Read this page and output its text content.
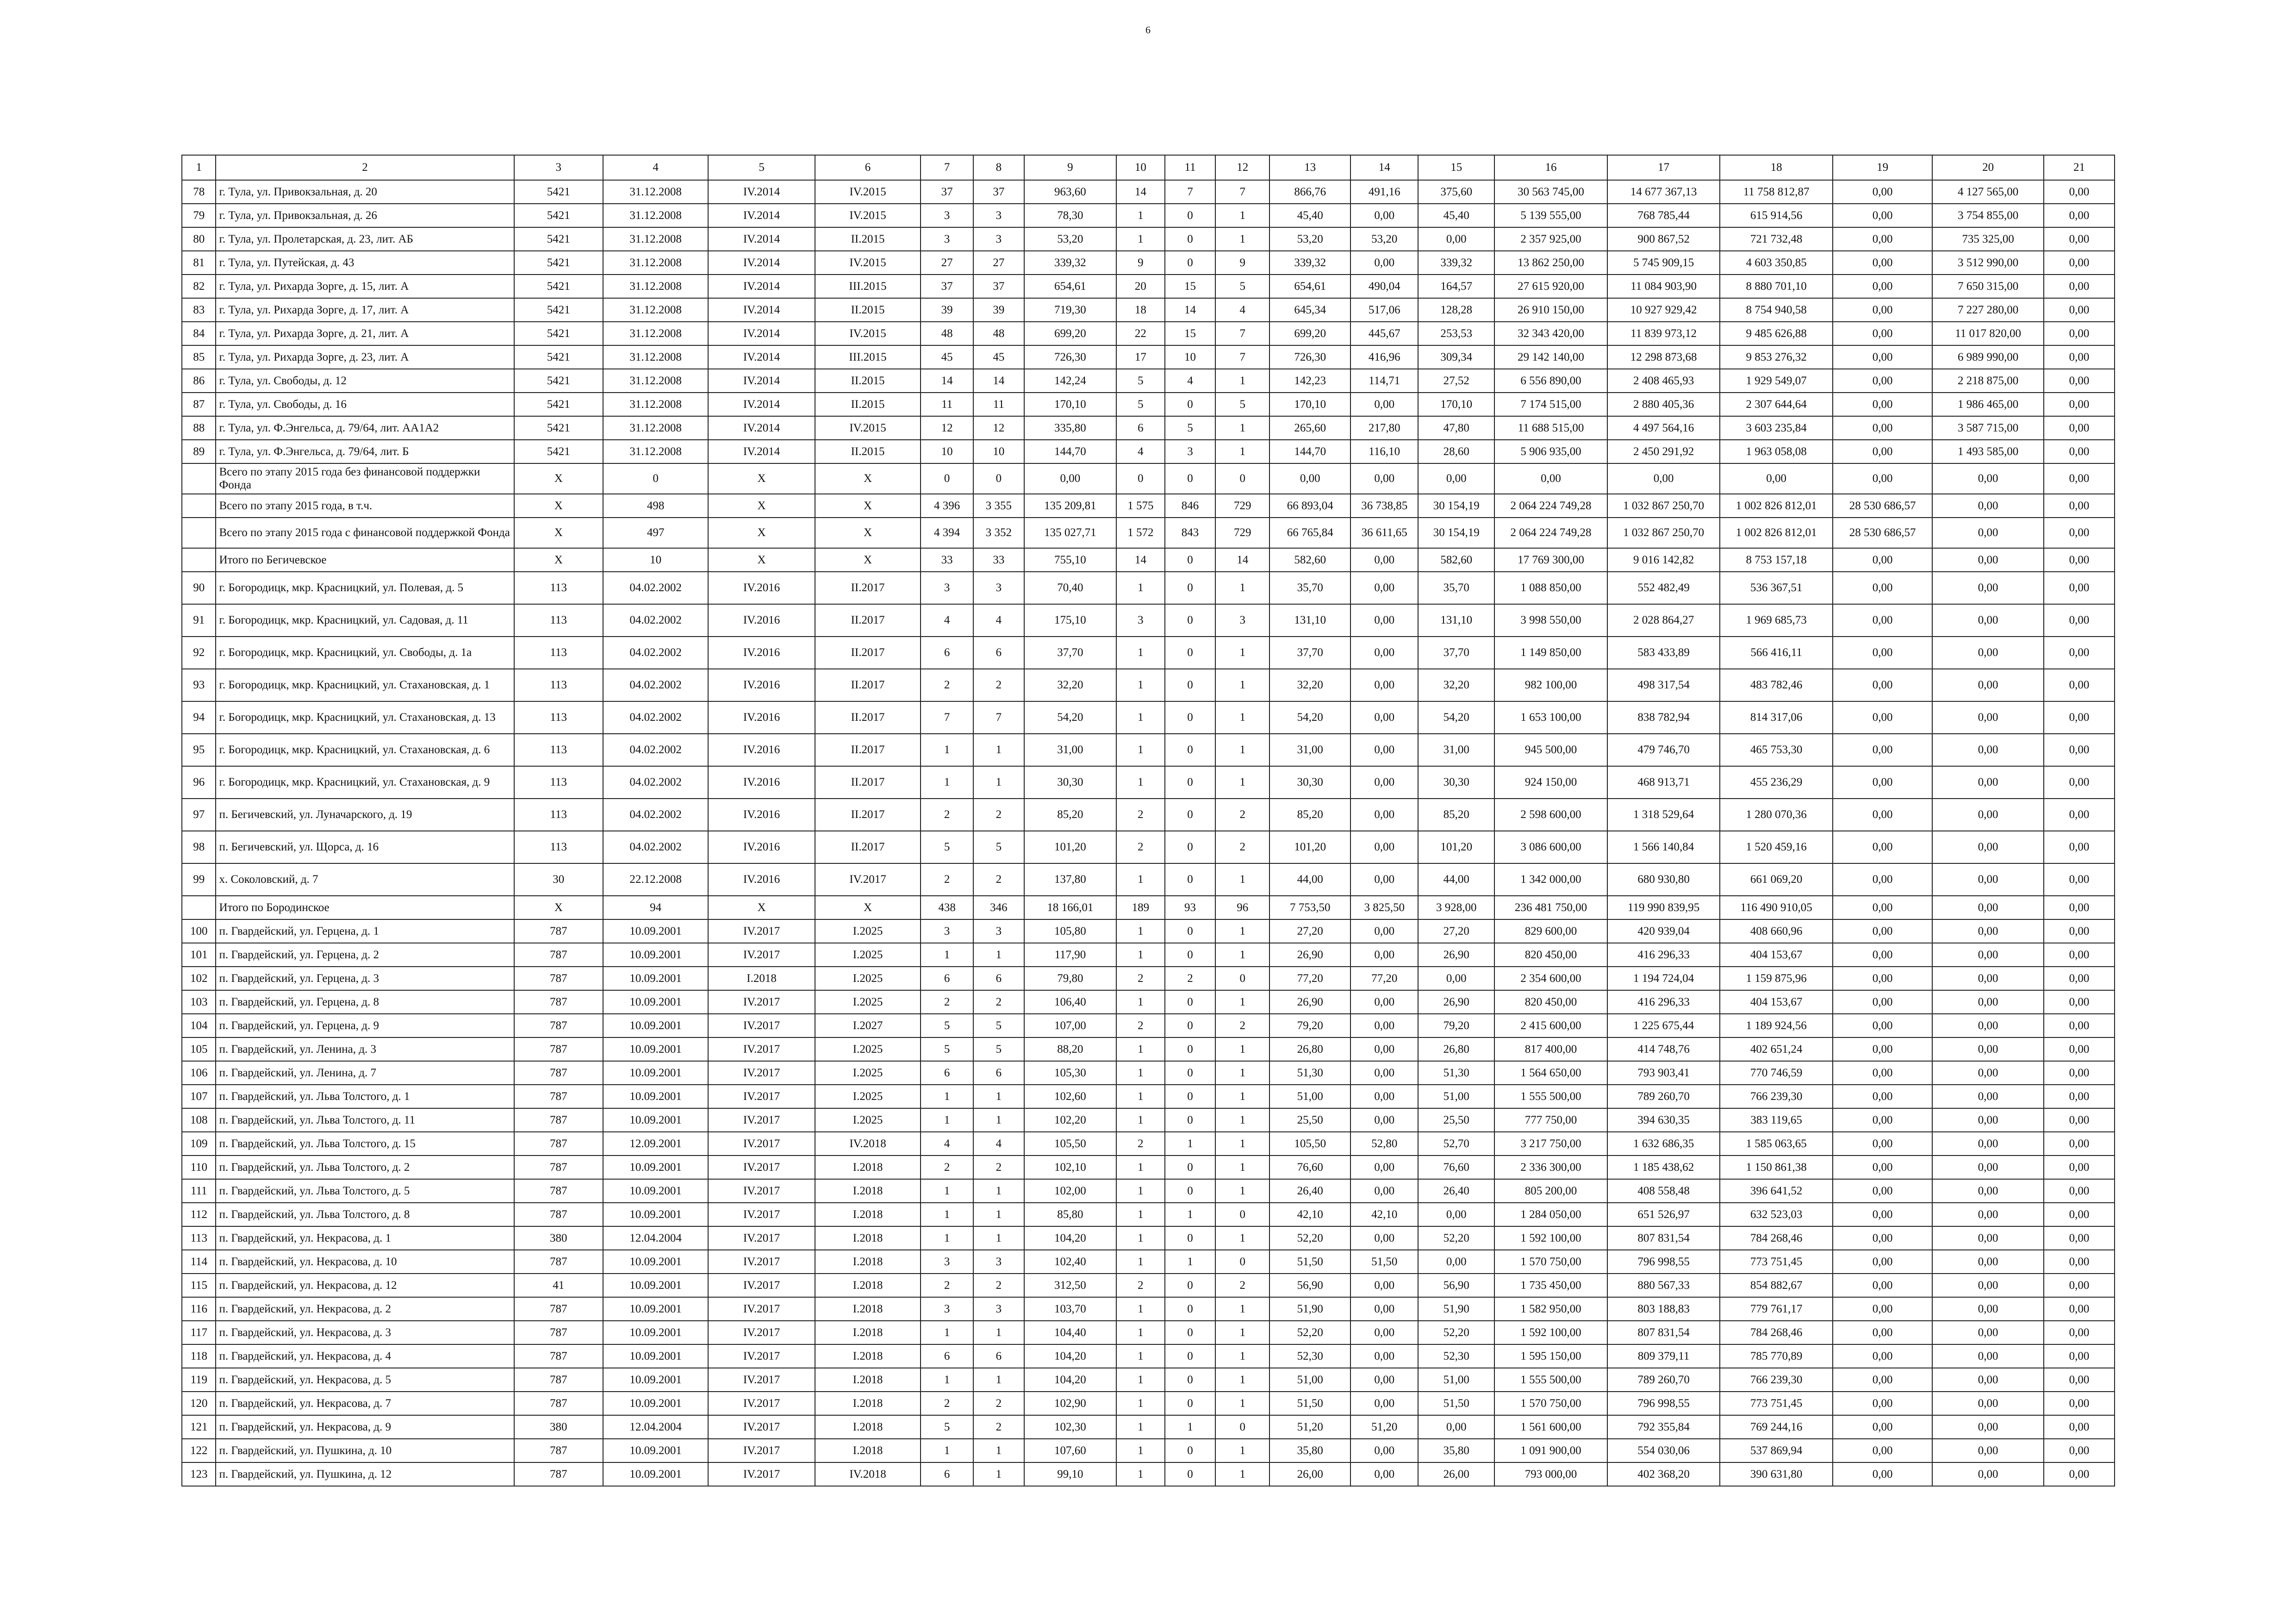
6
1	2	3	4	5	6	7	8	9	10	11	12	13	14	15	16	17	18	19	20	21
78	г. Тула, ул. Привокзальная, д. 20	5421	31.12.2008	IV.2014	IV.2015	37	37	963,60	14	7	7	866,76	491,16	375,60	30 563 745,00	14 677 367,13	11 758 812,87	0,00	4 127 565,00	0,00
79	г. Тула, ул. Привокзальная, д. 26	5421	31.12.2008	IV.2014	IV.2015	3	3	78,30	1	0	1	45,40	0,00	45,40	5 139 555,00	768 785,44	615 914,56	0,00	3 754 855,00	0,00
80	г. Тула, ул. Пролетарская, д. 23, лит. АБ	5421	31.12.2008	IV.2014	II.2015	3	3	53,20	1	0	1	53,20	53,20	0,00	2 357 925,00	900 867,52	721 732,48	0,00	735 325,00	0,00
81	г. Тула, ул. Путейская, д. 43	5421	31.12.2008	IV.2014	IV.2015	27	27	339,32	9	0	9	339,32	0,00	339,32	13 862 250,00	5 745 909,15	4 603 350,85	0,00	3 512 990,00	0,00
82	г. Тула, ул. Рихарда Зорге, д. 15, лит. А	5421	31.12.2008	IV.2014	III.2015	37	37	654,61	20	15	5	654,61	490,04	164,57	27 615 920,00	11 084 903,90	8 880 701,10	0,00	7 650 315,00	0,00
83	г. Тула, ул. Рихарда Зорге, д. 17, лит. А	5421	31.12.2008	IV.2014	II.2015	39	39	719,30	18	14	4	645,34	517,06	128,28	26 910 150,00	10 927 929,42	8 754 940,58	0,00	7 227 280,00	0,00
84	г. Тула, ул. Рихарда Зорге, д. 21, лит. А	5421	31.12.2008	IV.2014	IV.2015	48	48	699,20	22	15	7	699,20	445,67	253,53	32 343 420,00	11 839 973,12	9 485 626,88	0,00	11 017 820,00	0,00
85	г. Тула, ул. Рихарда Зорге, д. 23, лит. А	5421	31.12.2008	IV.2014	III.2015	45	45	726,30	17	10	7	726,30	416,96	309,34	29 142 140,00	12 298 873,68	9 853 276,32	0,00	6 989 990,00	0,00
86	г. Тула, ул. Свободы, д. 12	5421	31.12.2008	IV.2014	II.2015	14	14	142,24	5	4	1	142,23	114,71	27,52	6 556 890,00	2 408 465,93	1 929 549,07	0,00	2 218 875,00	0,00
87	г. Тула, ул. Свободы, д. 16	5421	31.12.2008	IV.2014	II.2015	11	11	170,10	5	0	5	170,10	0,00	170,10	7 174 515,00	2 880 405,36	2 307 644,64	0,00	1 986 465,00	0,00
88	г. Тула, ул. Ф.Энгельса, д. 79/64, лит. АА1А2	5421	31.12.2008	IV.2014	IV.2015	12	12	335,80	6	5	1	265,60	217,80	47,80	11 688 515,00	4 497 564,16	3 603 235,84	0,00	3 587 715,00	0,00
89	г. Тула, ул. Ф.Энгельса, д. 79/64, лит. Б	5421	31.12.2008	IV.2014	II.2015	10	10	144,70	4	3	1	144,70	116,10	28,60	5 906 935,00	2 450 291,92	1 963 058,08	0,00	1 493 585,00	0,00
	Всего по этапу 2015 года без финансовой поддержки Фонда	X	0	X	X	0	0	0,00	0	0	0	0,00	0,00	0,00	0,00	0,00	0,00	0,00	0,00	0,00
	Всего по этапу 2015 года, в т.ч.	X	498	X	X	4 396	3 355	135 209,81	1 575	846	729	66 893,04	36 738,85	30 154,19	2 064 224 749,28	1 032 867 250,70	1 002 826 812,01	28 530 686,57	0,00	0,00
	Всего по этапу 2015 года с финансовой поддержкой Фонда	X	497	X	X	4 394	3 352	135 027,71	1 572	843	729	66 765,84	36 611,65	30 154,19	2 064 224 749,28	1 032 867 250,70	1 002 826 812,01	28 530 686,57	0,00	0,00
	Итого по Бегичевское	X	10	X	X	33	33	755,10	14	0	14	582,60	0,00	582,60	17 769 300,00	9 016 142,82	8 753 157,18	0,00	0,00	0,00
90	г. Богородицк, мкр. Красницкий, ул. Полевая, д. 5	113	04.02.2002	IV.2016	II.2017	3	3	70,40	1	0	1	35,70	0,00	35,70	1 088 850,00	552 482,49	536 367,51	0,00	0,00	0,00
91	г. Богородицк, мкр. Красницкий, ул. Садовая, д. 11	113	04.02.2002	IV.2016	II.2017	4	4	175,10	3	0	3	131,10	0,00	131,10	3 998 550,00	2 028 864,27	1 969 685,73	0,00	0,00	0,00
92	г. Богородицк, мкр. Красницкий, ул. Свободы, д. 1а	113	04.02.2002	IV.2016	II.2017	6	6	37,70	1	0	1	37,70	0,00	37,70	1 149 850,00	583 433,89	566 416,11	0,00	0,00	0,00
93	г. Богородицк, мкр. Красницкий, ул. Стахановская, д. 1	113	04.02.2002	IV.2016	II.2017	2	2	32,20	1	0	1	32,20	0,00	32,20	982 100,00	498 317,54	483 782,46	0,00	0,00	0,00
94	г. Богородицк, мкр. Красницкий, ул. Стахановская, д. 13	113	04.02.2002	IV.2016	II.2017	7	7	54,20	1	0	1	54,20	0,00	54,20	1 653 100,00	838 782,94	814 317,06	0,00	0,00	0,00
95	г. Богородицк, мкр. Красницкий, ул. Стахановская, д. 6	113	04.02.2002	IV.2016	II.2017	1	1	31,00	1	0	1	31,00	0,00	31,00	945 500,00	479 746,70	465 753,30	0,00	0,00	0,00
96	г. Богородицк, мкр. Красницкий, ул. Стахановская, д. 9	113	04.02.2002	IV.2016	II.2017	1	1	30,30	1	0	1	30,30	0,00	30,30	924 150,00	468 913,71	455 236,29	0,00	0,00	0,00
97	п. Бегичевский, ул. Луначарского, д. 19	113	04.02.2002	IV.2016	II.2017	2	2	85,20	2	0	2	85,20	0,00	85,20	2 598 600,00	1 318 529,64	1 280 070,36	0,00	0,00	0,00
98	п. Бегичевский, ул. Щорса, д. 16	113	04.02.2002	IV.2016	II.2017	5	5	101,20	2	0	2	101,20	0,00	101,20	3 086 600,00	1 566 140,84	1 520 459,16	0,00	0,00	0,00
99	х. Соколовский, д. 7	30	22.12.2008	IV.2016	IV.2017	2	2	137,80	1	0	1	44,00	0,00	44,00	1 342 000,00	680 930,80	661 069,20	0,00	0,00	0,00
	Итого по Бородинское	X	94	X	X	438	346	18 166,01	189	93	96	7 753,50	3 825,50	3 928,00	236 481 750,00	119 990 839,95	116 490 910,05	0,00	0,00	0,00
100	п. Гвардейский, ул. Герцена, д. 1	787	10.09.2001	IV.2017	I.2025	3	3	105,80	1	0	1	27,20	0,00	27,20	829 600,00	420 939,04	408 660,96	0,00	0,00	0,00
101	п. Гвардейский, ул. Герцена, д. 2	787	10.09.2001	IV.2017	I.2025	1	1	117,90	1	0	1	26,90	0,00	26,90	820 450,00	416 296,33	404 153,67	0,00	0,00	0,00
102	п. Гвардейский, ул. Герцена, д. 3	787	10.09.2001	I.2018	I.2025	6	6	79,80	2	2	0	77,20	77,20	0,00	2 354 600,00	1 194 724,04	1 159 875,96	0,00	0,00	0,00
103	п. Гвардейский, ул. Герцена, д. 8	787	10.09.2001	IV.2017	I.2025	2	2	106,40	1	0	1	26,90	0,00	26,90	820 450,00	416 296,33	404 153,67	0,00	0,00	0,00
104	п. Гвардейский, ул. Герцена, д. 9	787	10.09.2001	IV.2017	I.2027	5	5	107,00	2	0	2	79,20	0,00	79,20	2 415 600,00	1 225 675,44	1 189 924,56	0,00	0,00	0,00
105	п. Гвардейский, ул. Ленина, д. 3	787	10.09.2001	IV.2017	I.2025	5	5	88,20	1	0	1	26,80	0,00	26,80	817 400,00	414 748,76	402 651,24	0,00	0,00	0,00
106	п. Гвардейский, ул. Ленина, д. 7	787	10.09.2001	IV.2017	I.2025	6	6	105,30	1	0	1	51,30	0,00	51,30	1 564 650,00	793 903,41	770 746,59	0,00	0,00	0,00
107	п. Гвардейский, ул. Льва Толстого, д. 1	787	10.09.2001	IV.2017	I.2025	1	1	102,60	1	0	1	51,00	0,00	51,00	1 555 500,00	789 260,70	766 239,30	0,00	0,00	0,00
108	п. Гвардейский, ул. Льва Толстого, д. 11	787	10.09.2001	IV.2017	I.2025	1	1	102,20	1	0	1	25,50	0,00	25,50	777 750,00	394 630,35	383 119,65	0,00	0,00	0,00
109	п. Гвардейский, ул. Льва Толстого, д. 15	787	12.09.2001	IV.2017	IV.2018	4	4	105,50	2	1	1	105,50	52,80	52,70	3 217 750,00	1 632 686,35	1 585 063,65	0,00	0,00	0,00
110	п. Гвардейский, ул. Льва Толстого, д. 2	787	10.09.2001	IV.2017	I.2018	2	2	102,10	1	0	1	76,60	0,00	76,60	2 336 300,00	1 185 438,62	1 150 861,38	0,00	0,00	0,00
111	п. Гвардейский, ул. Льва Толстого, д. 5	787	10.09.2001	IV.2017	I.2018	1	1	102,00	1	0	1	26,40	0,00	26,40	805 200,00	408 558,48	396 641,52	0,00	0,00	0,00
112	п. Гвардейский, ул. Льва Толстого, д. 8	787	10.09.2001	IV.2017	I.2018	1	1	85,80	1	1	0	42,10	42,10	0,00	1 284 050,00	651 526,97	632 523,03	0,00	0,00	0,00
113	п. Гвардейский, ул. Некрасова, д. 1	380	12.04.2004	IV.2017	I.2018	1	1	104,20	1	0	1	52,20	0,00	52,20	1 592 100,00	807 831,54	784 268,46	0,00	0,00	0,00
114	п. Гвардейский, ул. Некрасова, д. 10	787	10.09.2001	IV.2017	I.2018	3	3	102,40	1	1	0	51,50	51,50	0,00	1 570 750,00	796 998,55	773 751,45	0,00	0,00	0,00
115	п. Гвардейский, ул. Некрасова, д. 12	41	10.09.2001	IV.2017	I.2018	2	2	312,50	2	0	2	56,90	0,00	56,90	1 735 450,00	880 567,33	854 882,67	0,00	0,00	0,00
116	п. Гвардейский, ул. Некрасова, д. 2	787	10.09.2001	IV.2017	I.2018	3	3	103,70	1	0	1	51,90	0,00	51,90	1 582 950,00	803 188,83	779 761,17	0,00	0,00	0,00
117	п. Гвардейский, ул. Некрасова, д. 3	787	10.09.2001	IV.2017	I.2018	1	1	104,40	1	0	1	52,20	0,00	52,20	1 592 100,00	807 831,54	784 268,46	0,00	0,00	0,00
118	п. Гвардейский, ул. Некрасова, д. 4	787	10.09.2001	IV.2017	I.2018	6	6	104,20	1	0	1	52,30	0,00	52,30	1 595 150,00	809 379,11	785 770,89	0,00	0,00	0,00
119	п. Гвардейский, ул. Некрасова, д. 5	787	10.09.2001	IV.2017	I.2018	1	1	104,20	1	0	1	51,00	0,00	51,00	1 555 500,00	789 260,70	766 239,30	0,00	0,00	0,00
120	п. Гвардейский, ул. Некрасова, д. 7	787	10.09.2001	IV.2017	I.2018	2	2	102,90	1	0	1	51,50	0,00	51,50	1 570 750,00	796 998,55	773 751,45	0,00	0,00	0,00
121	п. Гвардейский, ул. Некрасова, д. 9	380	12.04.2004	IV.2017	I.2018	5	2	102,30	1	1	0	51,20	51,20	0,00	1 561 600,00	792 355,84	769 244,16	0,00	0,00	0,00
122	п. Гвардейский, ул. Пушкина, д. 10	787	10.09.2001	IV.2017	I.2018	1	1	107,60	1	0	1	35,80	0,00	35,80	1 091 900,00	554 030,06	537 869,94	0,00	0,00	0,00
123	п. Гвардейский, ул. Пушкина, д. 12	787	10.09.2001	IV.2017	IV.2018	6	1	99,10	1	0	1	26,00	0,00	26,00	793 000,00	402 368,20	390 631,80	0,00	0,00	0,00
